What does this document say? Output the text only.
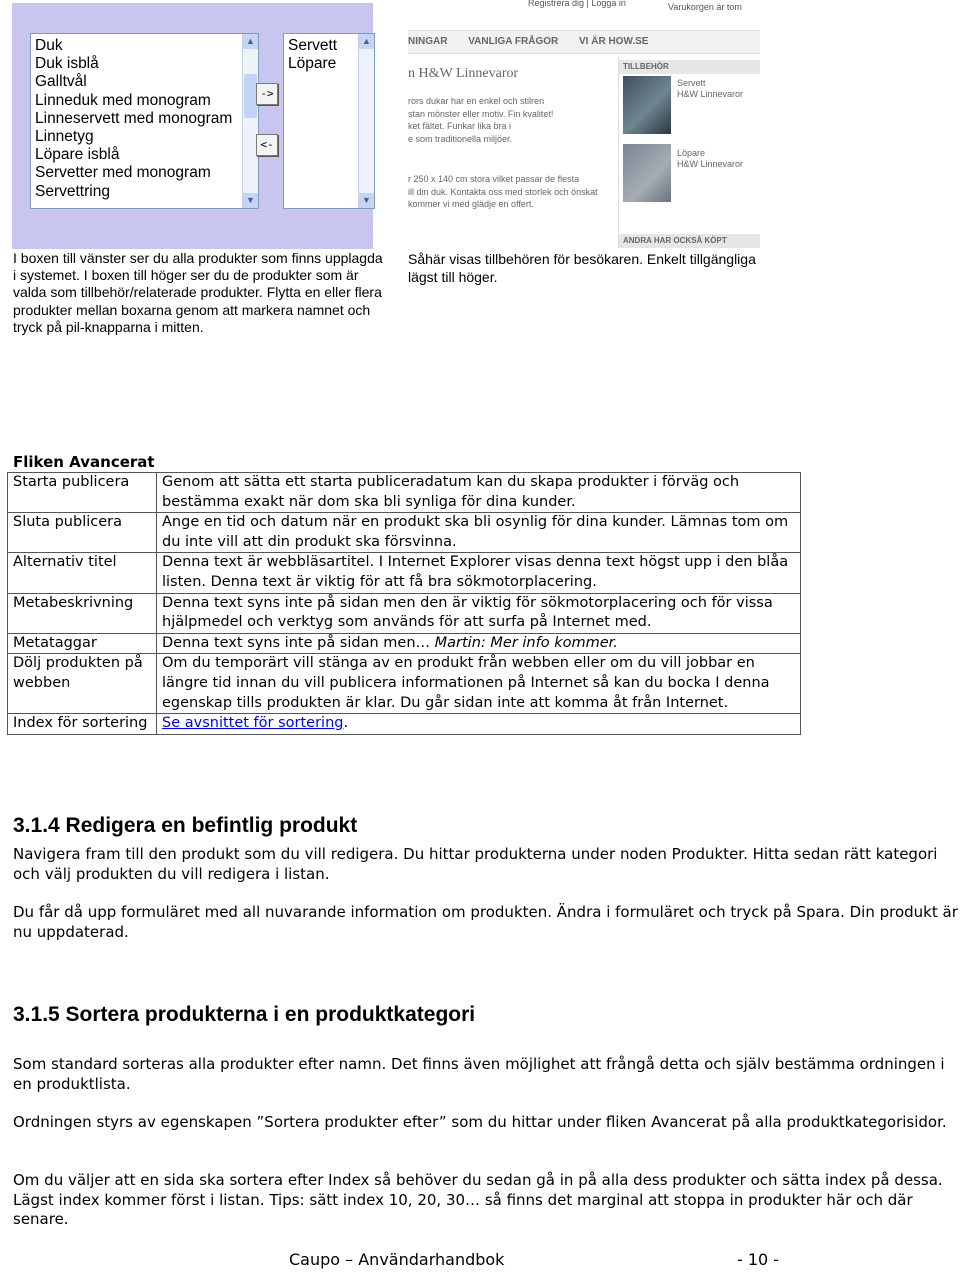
Duk
Duk isblå
Galltvål
Linneduk med monogram
Linneservett med monogram
Linnetyg
Löpare isblå
Servetter med monogram
Servettring
▲
▼
->
<-
Servett
Löpare
▲
▼
Registrera dig | Logga in	Varukorgen är tom
NINGAR VANLIGA FRÅGOR VI ÄR HOW.SE
n H&W Linnevaror
rors dukar har en enkel och stilren
stan mönster eller motiv. Fin kvalitet!
ket fältet. Funkar lika bra i
e som traditionella miljöer.
r 250 x 140 cm stora vilket passar de flesta
ill din duk. Kontakta oss med storlek och önskat
kommer vi med glädje en offert.
TILLBEHÖR
Servett
H&W Linnevaror
Löpare
H&W Linnevaror
ANDRA HAR OCKSÅ KÖPT
I boxen till vänster ser du alla produkter som finns upplagda i systemet. I boxen till höger ser du de produkter som är valda som tillbehör/relaterade produkter. Flytta en eller flera produkter mellan boxarna genom att markera namnet och tryck på pil-knapparna i mitten.
Såhär visas tillbehören för besökaren. Enkelt tillgängliga lägst till höger.
Fliken Avancerat
Starta publicera	Genom att sätta ett starta publiceradatum kan du skapa produkter i förväg och bestämma exakt när dom ska bli synliga för dina kunder.
Sluta publicera	Ange en tid och datum när en produkt ska bli osynlig för dina kunder. Lämnas tom om du inte vill att din produkt ska försvinna.
Alternativ titel	Denna text är webbläsartitel. I Internet Explorer visas denna text högst upp i den blåa listen. Denna text är viktig för att få bra sökmotorplacering.
Metabeskrivning	Denna text syns inte på sidan men den är viktig för sökmotorplacering och för vissa hjälpmedel och verktyg som används för att surfa på Internet med.
Metataggar	Denna text syns inte på sidan men… Martin: Mer info kommer.
Dölj produkten på webben	Om du temporärt vill stänga av en produkt från webben eller om du vill jobbar en längre tid innan du vill publicera informationen på Internet så kan du bocka I denna egenskap tills produkten är klar. Du går sidan inte att komma åt från Internet.
Index för sortering	Se avsnittet för sortering.
3.1.4 Redigera en befintlig produkt
Navigera fram till den produkt som du vill redigera. Du hittar produkterna under noden Produkter. Hitta sedan rätt kategori och välj produkten du vill redigera i listan.
Du får då upp formuläret med all nuvarande information om produkten. Ändra i formuläret och tryck på Spara. Din produkt är nu uppdaterad.
3.1.5 Sortera produkterna i en produktkategori
Som standard sorteras alla produkter efter namn. Det finns även möjlighet att frångå detta och själv bestämma ordningen i en produktlista.
Ordningen styrs av egenskapen ”Sortera produkter efter” som du hittar under fliken Avancerat på alla produktkategorisidor.
Om du väljer att en sida ska sortera efter Index så behöver du sedan gå in på alla dess produkter och sätta index på dessa. Lägst index kommer först i listan. Tips: sätt index 10, 20, 30… så finns det marginal att stoppa in produkter här och där senare.
Caupo – Användarhandbok	- 10 -
